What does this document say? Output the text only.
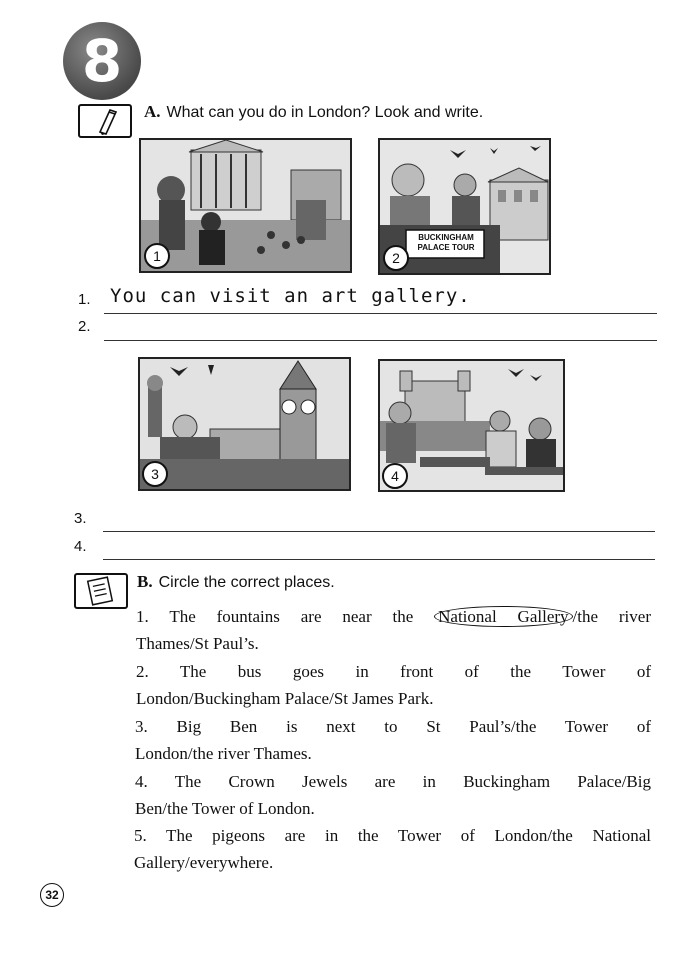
8
A. What can you do in London? Look and write.
1
BUCKINGHAM
PALACE TOUR
2
1. You can visit an art gallery.
2.
3	4
3.
4.
B. Circle the correct places.
1. The fountains are near the National Gallery /the river
Thames/St Paul’s.
2. The bus goes in front of the Tower of
London/Buckingham Palace/St James Park.
3. Big Ben is next to St Paul’s/the Tower of
London/the river Thames.
4. The Crown Jewels are in Buckingham Palace/Big
Ben/the Tower of London.
5. The pigeons are in the Tower of London/the National
Gallery/everywhere.
32
